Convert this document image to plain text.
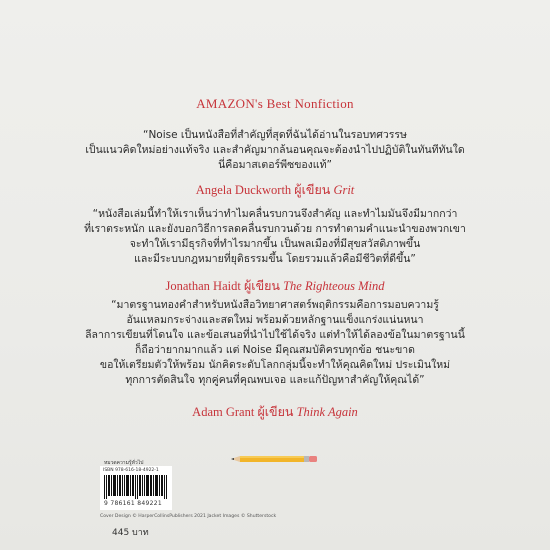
AMAZON's Best Nonfiction
“Noise เป็นหนังสือที่สำคัญที่สุดที่ฉันได้อ่านในรอบทศวรรษ
เป็นแนวคิดใหม่อย่างแท้จริง และสำคัญมากล้นอนคุณจะต้องนำไปปฏิบัติในทันทีทันใด
นี่คือมาสเตอร์พีซของแท้”
Angela Duckworth ผู้เขียน Grit
“หนังสือเล่มนี้ทำให้เราเห็นว่าทำไมคลื่นรบกวนจึงสำคัญ และทำไมมันจึงมีมากกว่า
ที่เราตระหนัก และยังบอกวิธีการลดคลื่นรบกวนด้วย การทำตามคำแนะนำของพวกเขา
จะทำให้เรามีธุรกิจที่ทำไรมากขึ้น เป็นพลเมืองที่มีสุขสวัสดิภาพขึ้น
และมีระบบกฎหมายที่ยุติธรรมขึ้น โดยรวมแล้วคือมีชีวิตที่ดีขึ้น”
Jonathan Haidt ผู้เขียน The Righteous Mind
“มาตรฐานทองคำสำหรับหนังสือวิทยาศาสตร์พฤติกรรมคือการมอบความรู้
อันแหลมกระจ่างและสดใหม่ พร้อมด้วยหลักฐานแข็งแกร่งแน่นหนา
ลีลาการเขียนที่โดนใจ และข้อเสนอที่นำไปใช้ได้จริง แต่ทำให้ได้ลองข้อในมาตรฐานนี้
ก็ถือว่ายากมากแล้ว แต่ Noise มีคุณสมบัติครบทุกข้อ ชนะขาด
ขอให้เตรียมตัวให้พร้อม นักคิดระดับโลกกลุ่มนี้จะทำให้คุณคิดใหม่ ประเมินใหม่
ทุกการตัดสินใจ ทุกคู่คนที่คุณพบเจอ และแก้ปัญหาสำคัญให้คุณได้”
Adam Grant ผู้เขียน Think Again
หมวดความรู้ทั่วไป
ISBN 978-616-18-4922-1
9 786161 849221
Cover Design © HarperCollinsPublishers 2021 Jacket Images © Shutterstock
445 บาท
